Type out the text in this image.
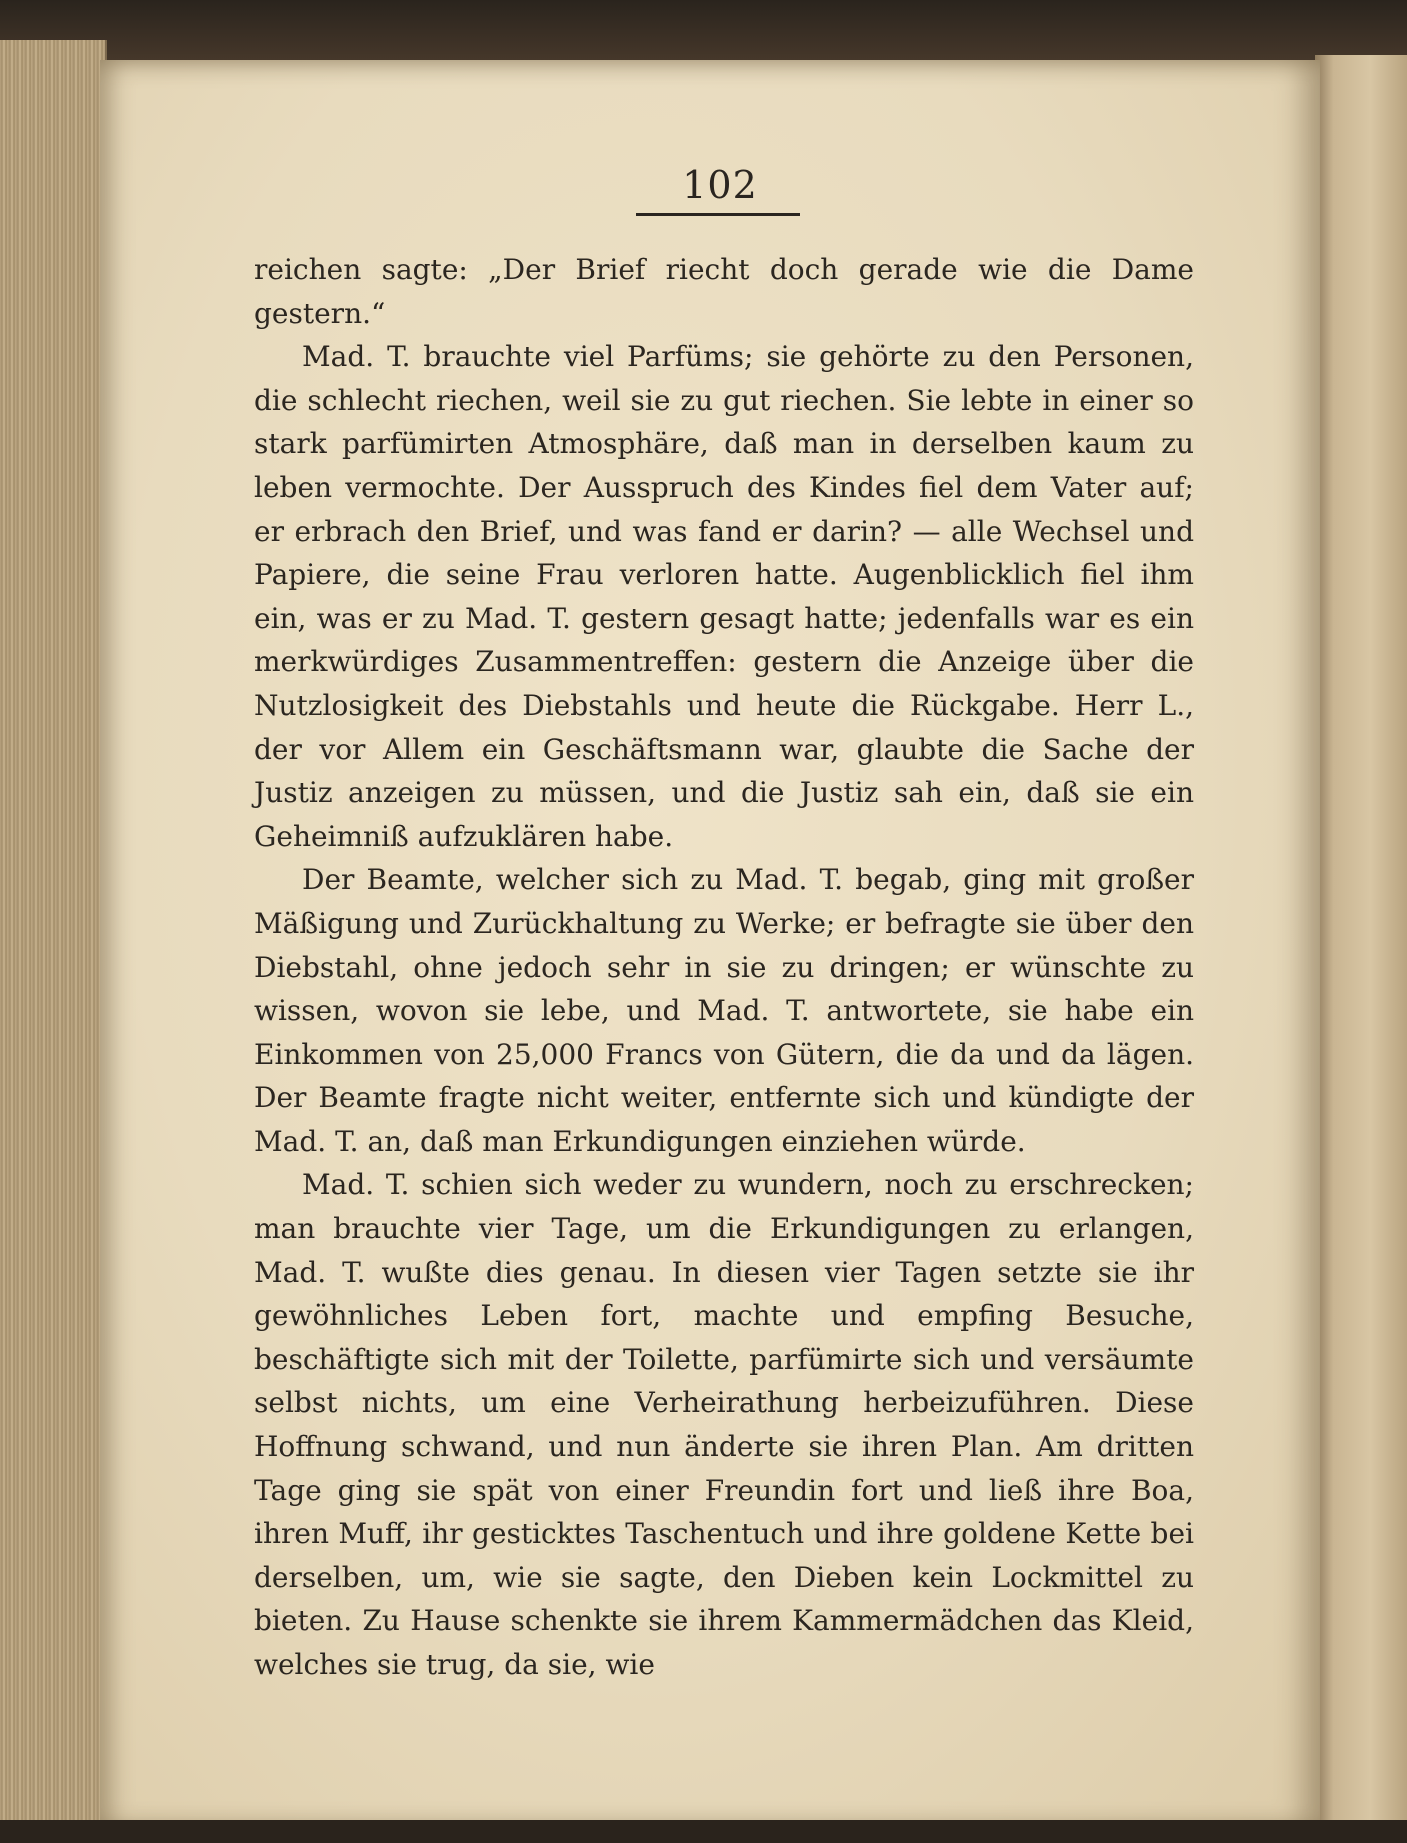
102

reichen sagte: „Der Brief riecht doch gerade wie die Dame gestern.“

Mad. T. brauchte viel Parfüms; sie gehörte zu den Personen, die schlecht riechen, weil sie zu gut riechen. Sie lebte in einer so stark parfümirten Atmosphäre, daß man in derselben kaum zu leben vermochte. Der Ausspruch des Kindes fiel dem Vater auf; er erbrach den Brief, und was fand er darin? — alle Wechsel und Papiere, die seine Frau verloren hatte. Augenblicklich fiel ihm ein, was er zu Mad. T. gestern gesagt hatte; jedenfalls war es ein merkwürdiges Zusammentreffen: gestern die Anzeige über die Nutzlosigkeit des Diebstahls und heute die Rückgabe. Herr L., der vor Allem ein Geschäftsmann war, glaubte die Sache der Justiz anzeigen zu müssen, und die Justiz sah ein, daß sie ein Geheimniß aufzuklären habe.

Der Beamte, welcher sich zu Mad. T. begab, ging mit großer Mäßigung und Zurückhaltung zu Werke; er befragte sie über den Diebstahl, ohne jedoch sehr in sie zu dringen; er wünschte zu wissen, wovon sie lebe, und Mad. T. antwortete, sie habe ein Einkommen von 25,000 Francs von Gütern, die da und da lägen. Der Beamte fragte nicht weiter, entfernte sich und kündigte der Mad. T. an, daß man Erkundigungen einziehen würde.

Mad. T. schien sich weder zu wundern, noch zu erschrecken; man brauchte vier Tage, um die Erkundigungen zu erlangen, Mad. T. wußte dies genau. In diesen vier Tagen setzte sie ihr gewöhnliches Leben fort, machte und empfing Besuche, beschäftigte sich mit der Toilette, parfümirte sich und versäumte selbst nichts, um eine Verheirathung herbeizuführen. Diese Hoffnung schwand, und nun änderte sie ihren Plan. Am dritten Tage ging sie spät von einer Freundin fort und ließ ihre Boa, ihren Muff, ihr gesticktes Taschentuch und ihre goldene Kette bei derselben, um, wie sie sagte, den Dieben kein Lockmittel zu bieten. Zu Hause schenkte sie ihrem Kammermädchen das Kleid, welches sie trug, da sie, wie
